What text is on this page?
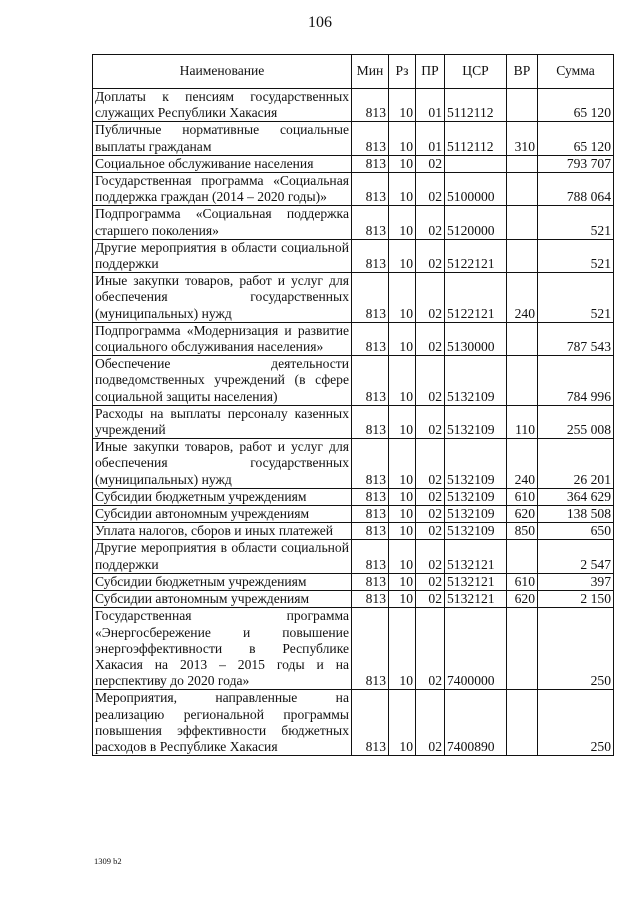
106
Наименование	Мин	Рз	ПР	ЦСР	ВР	Сумма
Доплаты к пенсиям государственных служащих Республики Хакасия	813	10	01	5112112		65 120
Публичные нормативные социальные выплаты гражданам	813	10	01	5112112	310	65 120
Социальное обслуживание населения	813	10	02			793 707
Государственная программа «Социальная поддержка граждан (2014 – 2020 годы)»	813	10	02	5100000		788 064
Подпрограмма «Социальная поддержка старшего поколения»	813	10	02	5120000		521
Другие мероприятия в области социальной поддержки	813	10	02	5122121		521
Иные закупки товаров, работ и услуг для обеспечения государственных (муниципальных) нужд	813	10	02	5122121	240	521
Подпрограмма «Модернизация и развитие социального обслуживания населения»	813	10	02	5130000		787 543
Обеспечение деятельности подведомственных учреждений (в сфере социальной защиты населения)	813	10	02	5132109		784 996
Расходы на выплаты персоналу казенных учреждений	813	10	02	5132109	110	255 008
Иные закупки товаров, работ и услуг для обеспечения государственных (муниципальных) нужд	813	10	02	5132109	240	26 201
Субсидии бюджетным учреждениям	813	10	02	5132109	610	364 629
Субсидии автономным учреждениям	813	10	02	5132109	620	138 508
Уплата налогов, сборов и иных платежей	813	10	02	5132109	850	650
Другие мероприятия в области социальной поддержки	813	10	02	5132121		2 547
Субсидии бюджетным учреждениям	813	10	02	5132121	610	397
Субсидии автономным учреждениям	813	10	02	5132121	620	2 150
Государственная программа «Энергосбережение и повышение энергоэффективности в Республике Хакасия на 2013 – 2015 годы и на перспективу до 2020 года»	813	10	02	7400000		250
Мероприятия, направленные на реализацию региональной программы повышения эффективности бюджетных расходов в Республике Хакасия	813	10	02	7400890		250
1309 b2
